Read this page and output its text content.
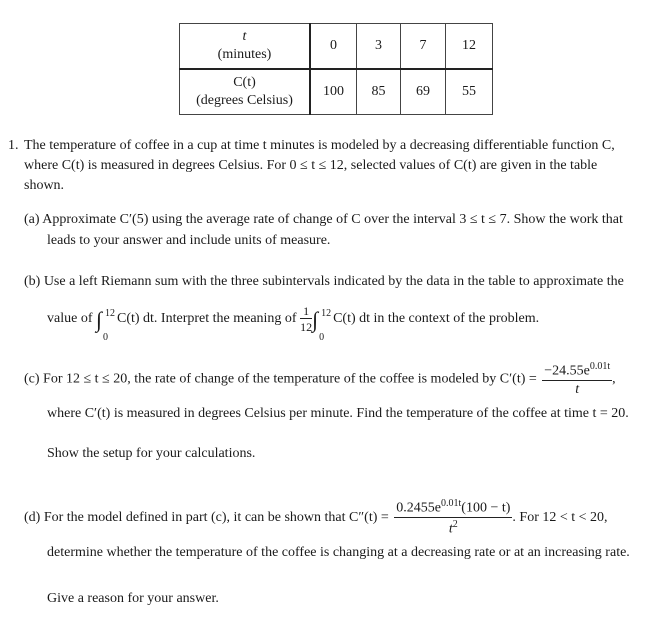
t
(minutes)	0	3	7	12
C(t)
(degrees Celsius)	100	85	69	55
1. The temperature of coffee in a cup at time t minutes is modeled by a decreasing differentiable function C,
where C(t) is measured in degrees Celsius. For 0 ≤ t ≤ 12, selected values of C(t) are given in the table
shown.
(a) Approximate C′(5) using the average rate of change of C over the interval 3 ≤ t ≤ 7. Show the work that
leads to your answer and include units of measure.
(b) Use a left Riemann sum with the three subintervals indicated by the data in the table to approximate the
value of ∫ 12
0
C(t) dt. Interpret the meaning of $\frac{1}{12}$ ∫ 12
0
C(t) dt in the context of the problem.
(c) For 12 ≤ t ≤ 20, the rate of change of the temperature of the coffee is modeled by $C'(t) = \frac{-24.55e^{0.01t}}{t}$ ,
where C′(t) is measured in degrees Celsius per minute. Find the temperature of the coffee at time t = 20.
Show the setup for your calculations.
(d) For the model defined in part (c), it can be shown that $C''(t) = \frac{0.2455e^{0.01t}(100 - t)}{t^2}$ . For 12 < t < 20,
determine whether the temperature of the coffee is changing at a decreasing rate or at an increasing rate.
Give a reason for your answer.
